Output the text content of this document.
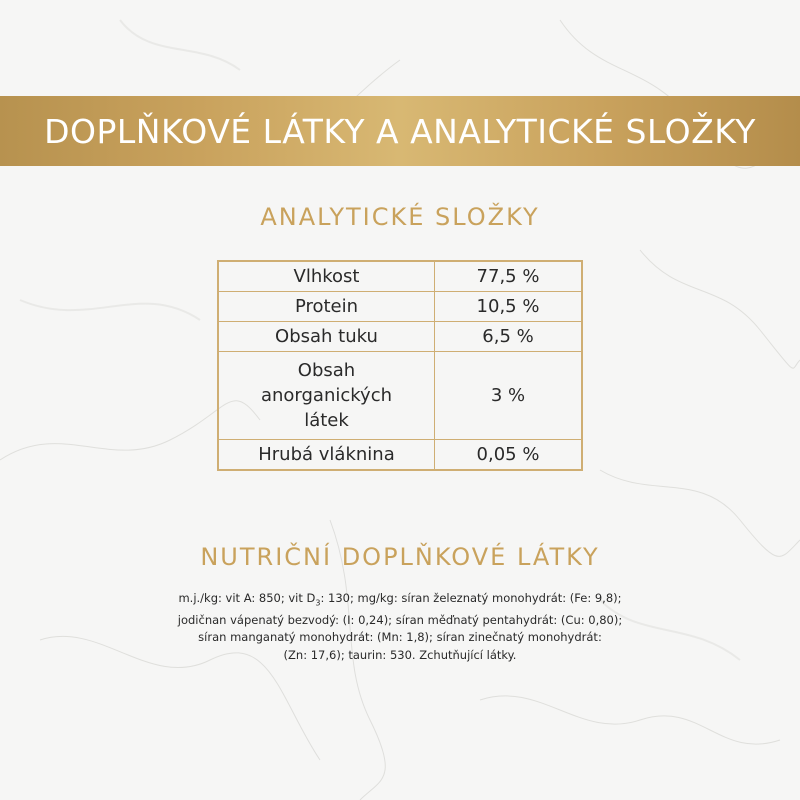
DOPLŇKOVÉ LÁTKY A ANALYTICKÉ SLOŽKY
ANALYTICKÉ SLOŽKY
Vlhkost	77,5 %
Protein	10,5 %
Obsah tuku	6,5 %
Obsah anorganických látek	3 %
Hrubá vláknina	0,05 %
NUTRIČNÍ DOPLŇKOVÉ LÁTKY
m.j./kg: vit A: 850; vit $D_3$: 130; mg/kg: síran železnatý monohydrát: (Fe: 9,8);
jodičnan vápenatý bezvodý: (I: 0,24); síran měďnatý pentahydrát: (Cu: 0,80);
síran manganatý monohydrát: (Mn: 1,8); síran zinečnatý monohydrát:
(Zn: 17,6); taurin: 530. Zchutňující látky.
